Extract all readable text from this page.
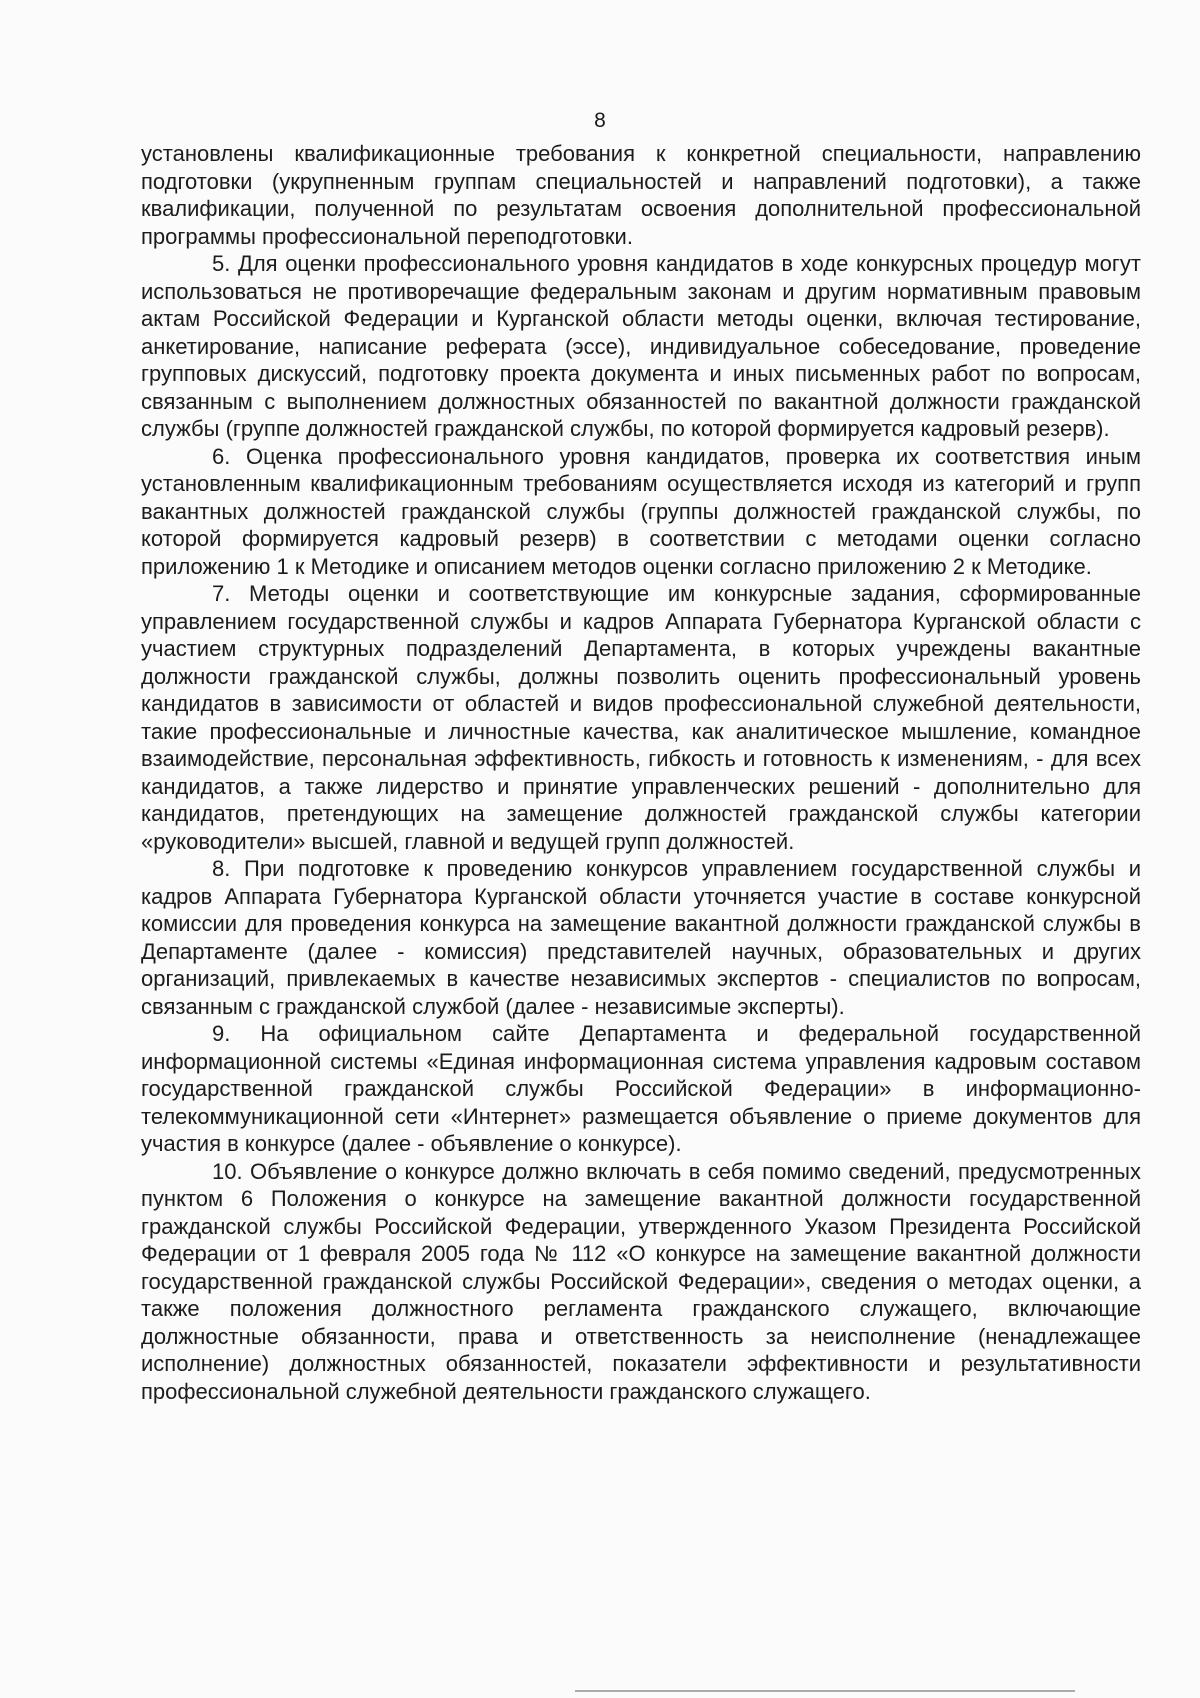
8

установлены квалификационные требования к конкретной специальности, направлению подготовки (укрупненным группам специальностей и направлений подготовки), а также квалификации, полученной по результатам освоения дополнительной профессиональной программы профессиональной переподготовки.

5. Для оценки профессионального уровня кандидатов в ходе конкурсных процедур могут использоваться не противоречащие федеральным законам и другим нормативным правовым актам Российской Федерации и Курганской области методы оценки, включая тестирование, анкетирование, написание реферата (эссе), индивидуальное собеседование, проведение групповых дискуссий, подготовку проекта документа и иных письменных работ по вопросам, связанным с выполнением должностных обязанностей по вакантной должности гражданской службы (группе должностей гражданской службы, по которой формируется кадровый резерв).

6. Оценка профессионального уровня кандидатов, проверка их соответствия иным установленным квалификационным требованиям осуществляется исходя из категорий и групп вакантных должностей гражданской службы (группы должностей гражданской службы, по которой формируется кадровый резерв) в соответствии с методами оценки согласно приложению 1 к Методике и описанием методов оценки согласно приложению 2 к Методике.

7. Методы оценки и соответствующие им конкурсные задания, сформированные управлением государственной службы и кадров Аппарата Губернатора Курганской области с участием структурных подразделений Департамента, в которых учреждены вакантные должности гражданской службы, должны позволить оценить профессиональный уровень кандидатов в зависимости от областей и видов профессиональной служебной деятельности, такие профессиональные и личностные качества, как аналитическое мышление, командное взаимодействие, персональная эффективность, гибкость и готовность к изменениям, - для всех кандидатов, а также лидерство и принятие управленческих решений - дополнительно для кандидатов, претендующих на замещение должностей гражданской службы категории «руководители» высшей, главной и ведущей групп должностей.

8. При подготовке к проведению конкурсов управлением государственной службы и кадров Аппарата Губернатора Курганской области уточняется участие в составе конкурсной комиссии для проведения конкурса на замещение вакантной должности гражданской службы в Департаменте (далее - комиссия) представителей научных, образовательных и других организаций, привлекаемых в качестве независимых экспертов - специалистов по вопросам, связанным с гражданской службой (далее - независимые эксперты).

9. На официальном сайте Департамента и федеральной государственной информационной системы «Единая информационная система управления кадровым составом государственной гражданской службы Российской Федерации» в информационно-телекоммуникационной сети «Интернет» размещается объявление о приеме документов для участия в конкурсе (далее - объявление о конкурсе).

10. Объявление о конкурсе должно включать в себя помимо сведений, предусмотренных пунктом 6 Положения о конкурсе на замещение вакантной должности государственной гражданской службы Российской Федерации, утвержденного Указом Президента Российской Федерации от 1 февраля 2005 года № 112 «О конкурсе на замещение вакантной должности государственной гражданской службы Российской Федерации», сведения о методах оценки, а также положения должностного регламента гражданского служащего, включающие должностные обязанности, права и ответственность за неисполнение (ненадлежащее исполнение) должностных обязанностей, показатели эффективности и результативности профессиональной служебной деятельности гражданского служащего.
